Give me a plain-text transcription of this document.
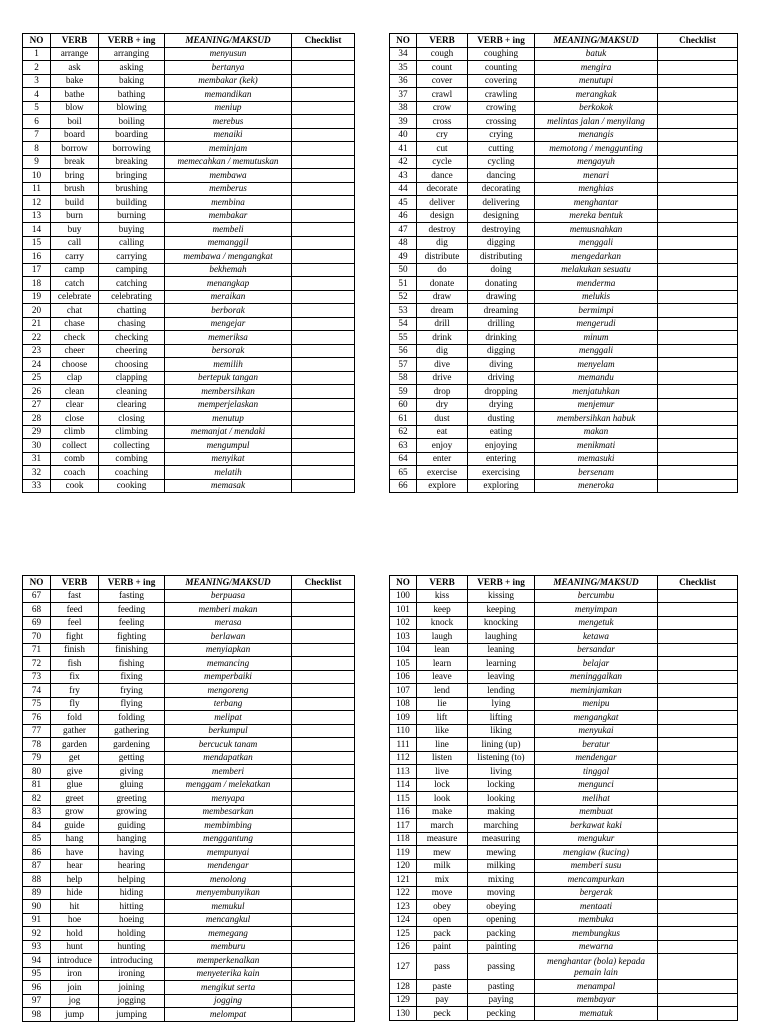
NO	VERB	VERB + ing	MEANING/MAKSUD	Checklist
1	arrange	arranging	menyusun	
2	ask	asking	bertanya	
3	bake	baking	membakar (kek)	
4	bathe	bathing	memandikan	
5	blow	blowing	meniup	
6	boil	boiling	merebus	
7	board	boarding	menaiki	
8	borrow	borrowing	meminjam	
9	break	breaking	memecahkan / memutuskan	
10	bring	bringing	membawa	
11	brush	brushing	memberus	
12	build	building	membina	
13	burn	burning	membakar	
14	buy	buying	membeli	
15	call	calling	memanggil	
16	carry	carrying	membawa / mengangkat	
17	camp	camping	bekhemah	
18	catch	catching	menangkap	
19	celebrate	celebrating	meraikan	
20	chat	chatting	berborak	
21	chase	chasing	mengejar	
22	check	checking	memeriksa	
23	cheer	cheering	bersorak	
24	choose	choosing	memilih	
25	clap	clapping	bertepuk tangan	
26	clean	cleaning	membersihkan	
27	clear	clearing	memperjelaskan	
28	close	closing	menutup	
29	climb	climbing	memanjat / mendaki	
30	collect	collecting	mengumpul	
31	comb	combing	menyikat	
32	coach	coaching	melatih	
33	cook	cooking	memasak	
NO	VERB	VERB + ing	MEANING/MAKSUD	Checklist
34	cough	coughing	batuk	
35	count	counting	mengira	
36	cover	covering	menutupi	
37	crawl	crawling	merangkak	
38	crow	crowing	berkokok	
39	cross	crossing	melintas jalan / menyilang	
40	cry	crying	menangis	
41	cut	cutting	memotong / menggunting	
42	cycle	cycling	mengayuh	
43	dance	dancing	menari	
44	decorate	decorating	menghias	
45	deliver	delivering	menghantar	
46	design	designing	mereka bentuk	
47	destroy	destroying	memusnahkan	
48	dig	digging	menggali	
49	distribute	distributing	mengedarkan	
50	do	doing	melakukan sesuatu	
51	donate	donating	menderma	
52	draw	drawing	melukis	
53	dream	dreaming	bermimpi	
54	drill	drilling	mengerudi	
55	drink	drinking	minum	
56	dig	digging	menggali	
57	dive	diving	menyelam	
58	drive	driving	memandu	
59	drop	dropping	menjatuhkan	
60	dry	drying	menjemur	
61	dust	dusting	membersihkan habuk	
62	eat	eating	makan	
63	enjoy	enjoying	menikmati	
64	enter	entering	memasuki	
65	exercise	exercising	bersenam	
66	explore	exploring	meneroka	
NO	VERB	VERB + ing	MEANING/MAKSUD	Checklist
67	fast	fasting	berpuasa	
68	feed	feeding	memberi makan	
69	feel	feeling	merasa	
70	fight	fighting	berlawan	
71	finish	finishing	menyiapkan	
72	fish	fishing	memancing	
73	fix	fixing	memperbaiki	
74	fry	frying	mengoreng	
75	fly	flying	terbang	
76	fold	folding	melipat	
77	gather	gathering	berkumpul	
78	garden	gardening	bercucuk tanam	
79	get	getting	mendapatkan	
80	give	giving	memberi	
81	glue	gluing	menggam / melekatkan	
82	greet	greeting	menyapa	
83	grow	growing	membesarkan	
84	guide	guiding	membimbing	
85	hang	hanging	menggantung	
86	have	having	mempunyai	
87	hear	hearing	mendengar	
88	help	helping	menolong	
89	hide	hiding	menyembunyikan	
90	hit	hitting	memukul	
91	hoe	hoeing	mencangkul	
92	hold	holding	memegang	
93	hunt	hunting	memburu	
94	introduce	introducing	memperkenalkan	
95	iron	ironing	menyeterika kain	
96	join	joining	mengikut serta	
97	jog	jogging	jogging	
98	jump	jumping	melompat	
NO	VERB	VERB + ing	MEANING/MAKSUD	Checklist
100	kiss	kissing	bercumbu	
101	keep	keeping	menyimpan	
102	knock	knocking	mengetuk	
103	laugh	laughing	ketawa	
104	lean	leaning	bersandar	
105	learn	learning	belajar	
106	leave	leaving	meninggalkan	
107	lend	lending	meminjamkan	
108	lie	lying	menipu	
109	lift	lifting	mengangkat	
110	like	liking	menyukai	
111	line	lining (up)	beratur	
112	listen	listening (to)	mendengar	
113	live	living	tinggal	
114	lock	locking	mengunci	
115	look	looking	melihat	
116	make	making	membuat	
117	march	marching	berkawat kaki	
118	measure	measuring	mengukur	
119	mew	mewing	mengiaw (kucing)	
120	milk	milking	memberi susu	
121	mix	mixing	mencampurkan	
122	move	moving	bergerak	
123	obey	obeying	mentaati	
124	open	opening	membuka	
125	pack	packing	membungkus	
126	paint	painting	mewarna	
127	pass	passing	menghantar (bola) kepada pemain lain	
128	paste	pasting	menampal	
129	pay	paying	membayar	
130	peck	pecking	mematuk	
